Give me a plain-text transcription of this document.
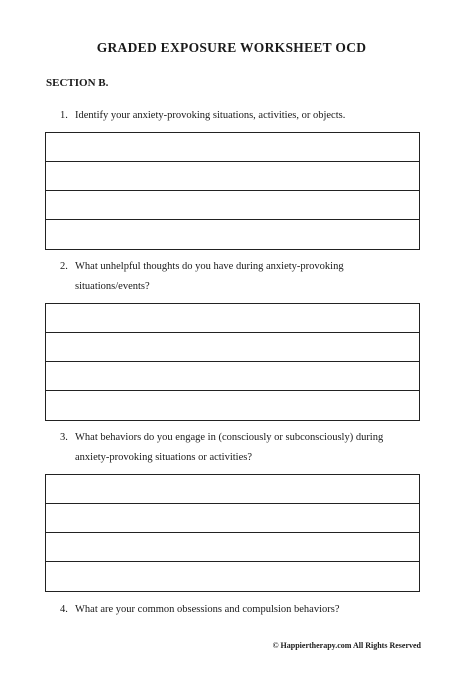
GRADED EXPOSURE WORKSHEET OCD
SECTION B.
1. Identify your anxiety-provoking situations, activities, or objects.
2. What unhelpful thoughts do you have during anxiety-provoking
situations/events?
3. What behaviors do you engage in (consciously or subconsciously) during
anxiety-provoking situations or activities?
4. What are your common obsessions and compulsion behaviors?
© Happiertherapy.com All Rights Reserved
